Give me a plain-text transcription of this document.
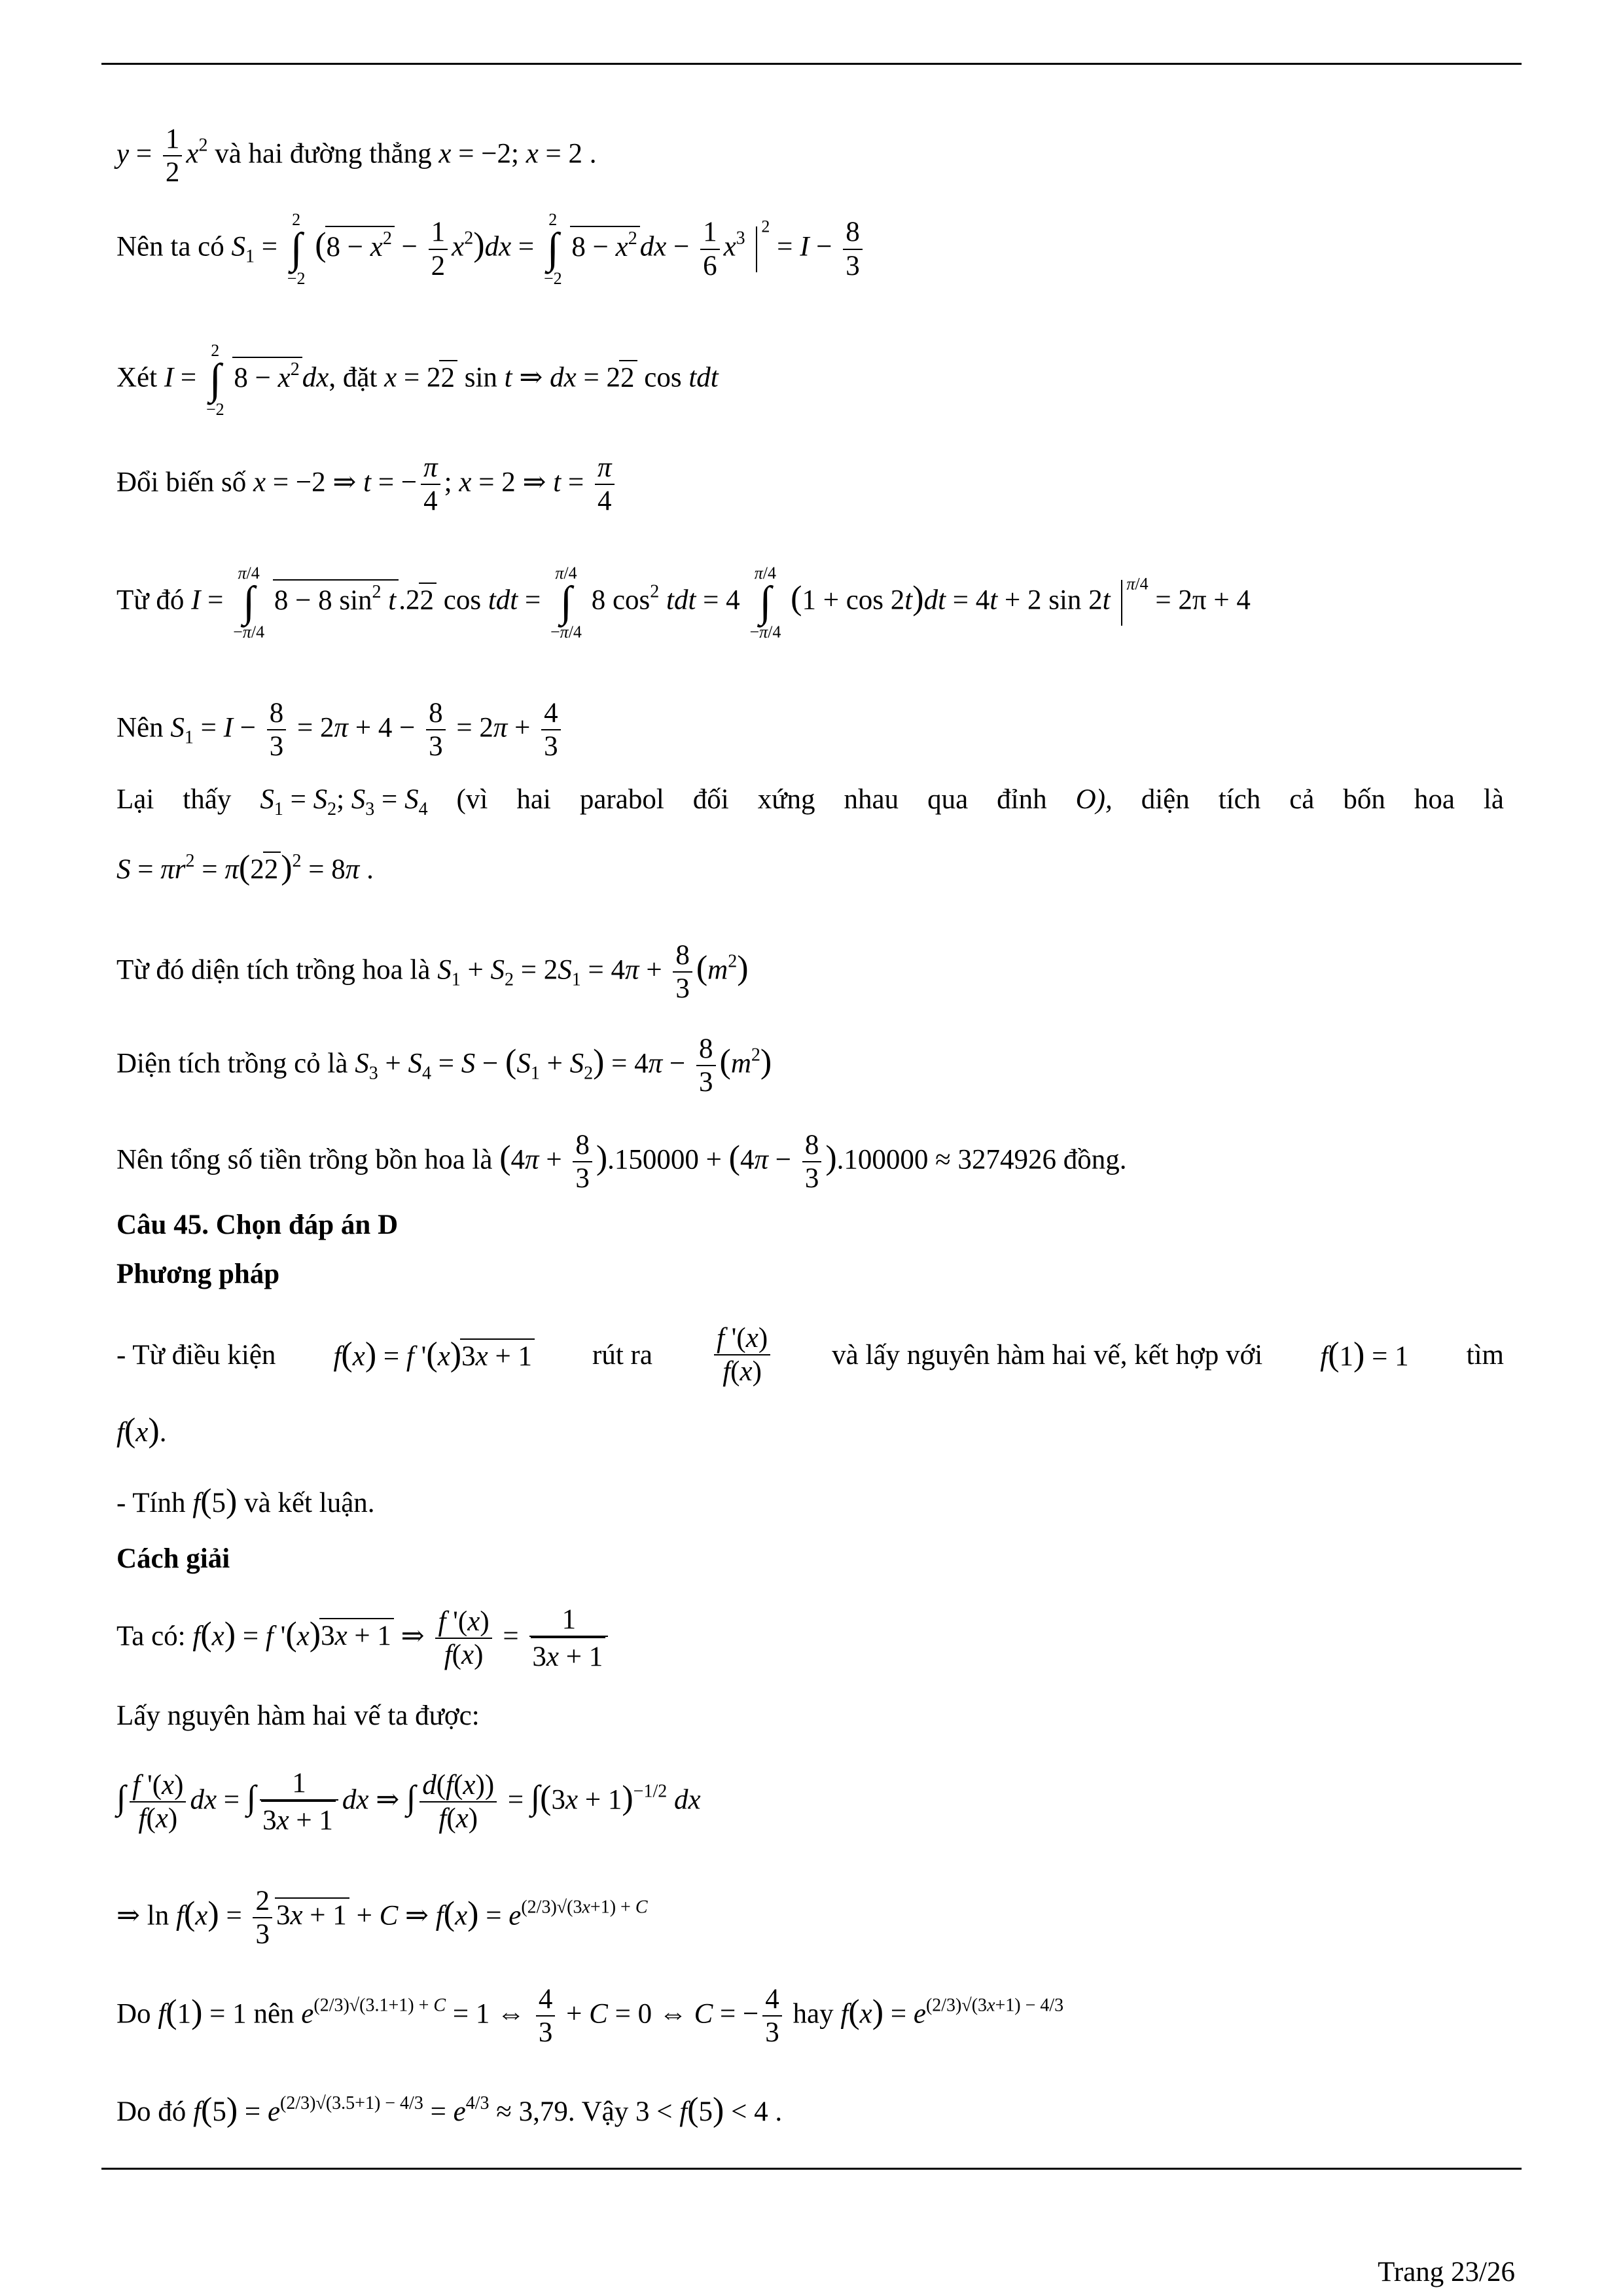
$y = \frac{1}{2} x^2$ và hai đường thẳng x = −2; x = 2 .
Nên ta có $S_1$ =
2
∫
−2
$(8 - x^2 - \frac{1}{2} x^2)dx$ =
2
∫
−2
$8 - x^2dx - \frac{1}{6} x^3$ $^2 = I - \frac{8}{3}$
Xét I =
2
∫
−2
$8 - x^2dx$, đặt x = 22 sin t ⇒ dx = 22 cos tdt
Đổi biến số x = −2 ⇒ t = − $\frac{\pi}{4}$ ; x = 2 ⇒ $t = \frac{\pi}{4}$
Từ đó I =
π/4
∫
−π/4
8 − 8 $\sin^2 t.22$ cos tdt =
π/4
∫
−π/4
8 $\cos^2$ tdt = 4
π/4
∫
−π/4
(1 + cos 2t)dt = 4t + 2 sin 2t $^{\pi/4}$ = 2π + 4
Nên $S_1 = I - \frac{8}{3} = 2\pi + 4 - \frac{8}{3} = 2\pi + \frac{4}{3}$
Lại thấy $S_1 = S_2$; $S_3 = S_4$ (vì hai parabol đối xứng nhau qua đỉnh O), diện tích cả bốn hoa là
$S = \pi r^2 = \pi(22)^2 = 8\pi$ .
Từ đó diện tích trồng hoa là $S_1 + S_2 = 2S_1 = 4\pi + \frac{8}{3} (m^2)$
Diện tích trồng cỏ là $S_3 + S_4 = S - (S_1 + S_2) = 4\pi - \frac{8}{3} (m^2)$
Nên tổng số tiền trồng bồn hoa là $(4\pi + \frac{8}{3} ).150000 + (4\pi - \frac{8}{3} ).100000 \approx 3274926$ đồng.
Câu 45. Chọn đáp án D
Phương pháp
- Từ điều kiện f(x) = f '(x)3x + 1 rút ra $\frac{f '(x)}{f(x)}$ và lấy nguyên hàm hai vế, kết hợp với f(1) = 1 tìm
f(x).
- Tính f(5) và kết luận.
Cách giải
Ta có: f(x) = f '(x)3x + 1 ⇒ $\frac{f '(x)}{f(x)} = \frac{1}{3x + 1}$
Lấy nguyên hàm hai vế ta được:
∫ $\frac{f '(x)}{f(x)}$ dx = ∫ $\frac{1}{3x + 1}$ dx ⇒ ∫ $\frac{d(f(x))}{f(x)} = \int(3x + 1)^{-1/2}$ dx
⇒ $\ln f(x) = \frac{2}{3} 3x + 1 + C$ ⇒ $f(x) = e^{(2/3)√(3x+1) + C}$
Do f(1) = 1 nên $e^{(2/3)√(3.1+1) + C} = 1$ ⇔ $\frac{4}{3} + C = 0$ ⇔ C = − $\frac{4}{3}$ hay $f(x) = e^{(2/3)√(3x+1) - 4/3}$
Do đó $f(5) = e^{(2/3)√(3.5+1) - 4/3} = e^{4/3} \approx 3,79$. Vậy 3 < f(5) < 4 .
Trang 23/26
